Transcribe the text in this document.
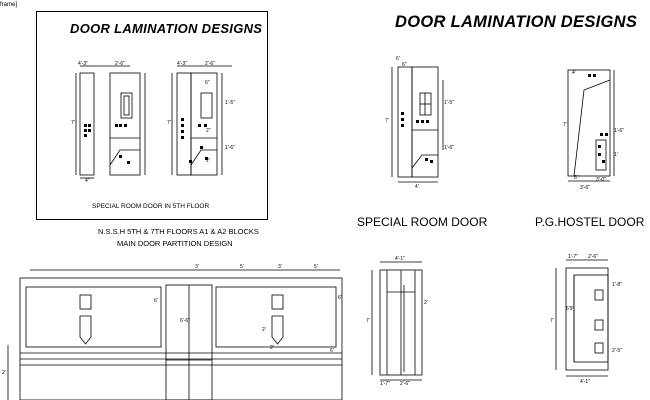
frame]
DOOR LAMINATION DESIGNS
SPECIAL ROOM DOOR IN 5TH FLOOR
DOOR LAMINATION DESIGNS
N.S.S.H 5TH & 7TH FLOORS A1 & A2 BLOCKS
MAIN DOOR PARTITION DESIGN
SPECIAL ROOM DOOR	P.G.HOSTEL DOOR
4'-3"	2'-6"
7'
4"
4'-3"	2'-6"
6"
1'-5"
7'
1'-6"
2"
2'
6'
6"
1'-5"
1'-6"
7'
4'
4'
7'
1'-6"
1'
6"	3'-0"
3'-6"
4'-1"
7'
2'
1'-7" 2'-6"
1'-7" 2'-6"
7'
1'-8"
6'9"
2'-5"
4'-1"
3'	5'	3'	5'
2'
6'
6'-6"
2'
6'
2'	6'
